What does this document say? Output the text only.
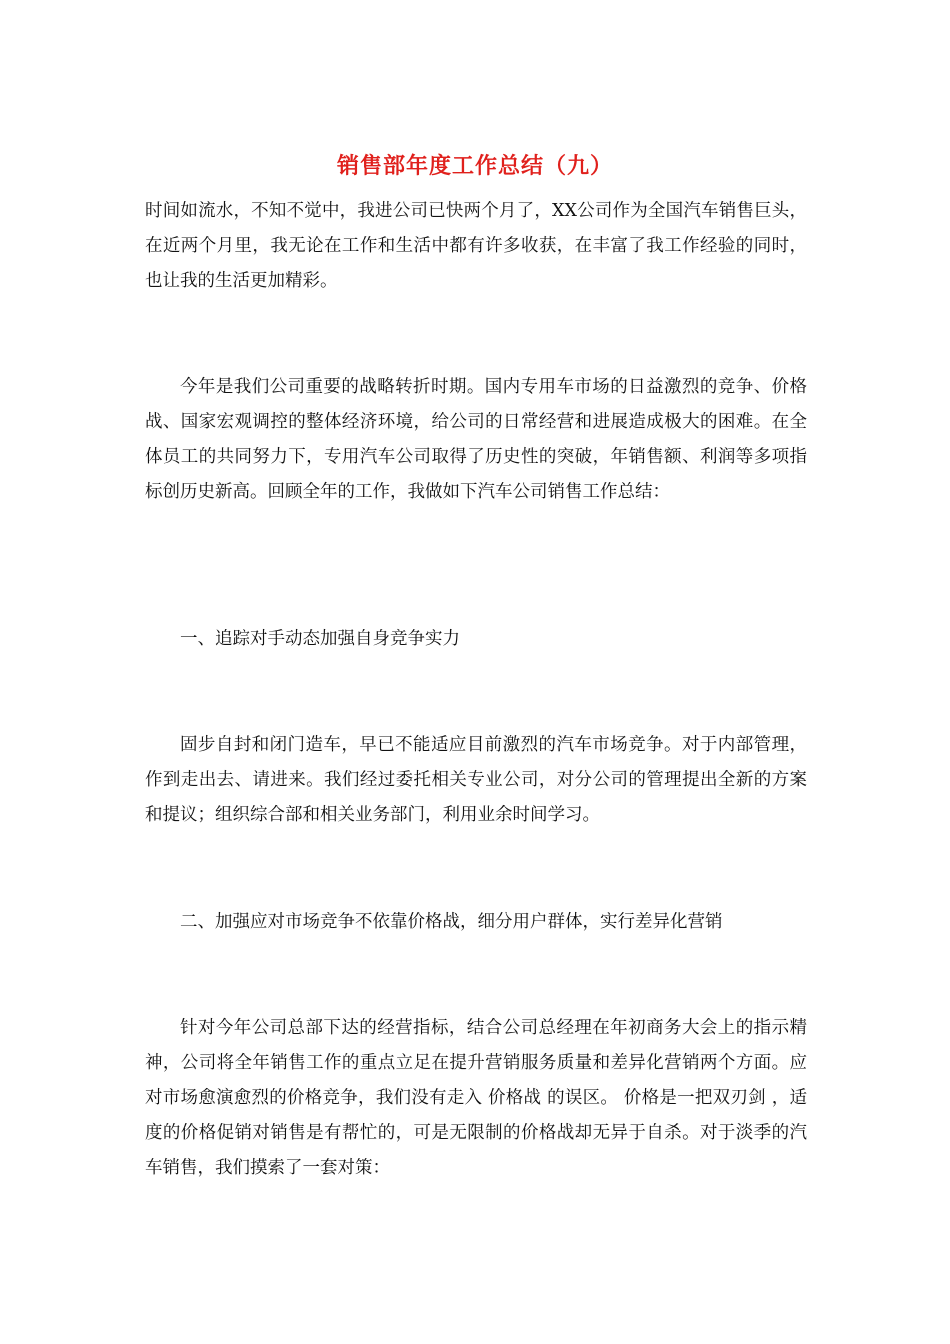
销售部年度工作总结（九）

时间如流水，不知不觉中，我进公司已快两个月了，XX公司作为全国汽车销售巨头，在近两个月里，我无论在工作和生活中都有许多收获，在丰富了我工作经验的同时，也让我的生活更加精彩。

今年是我们公司重要的战略转折时期。国内专用车市场的日益激烈的竞争、价格战、国家宏观调控的整体经济环境，给公司的日常经营和进展造成极大的困难。在全体员工的共同努力下，专用汽车公司取得了历史性的突破，年销售额、利润等多项指标创历史新高。回顾全年的工作，我做如下汽车公司销售工作总结：

一、追踪对手动态加强自身竞争实力

固步自封和闭门造车，早已不能适应目前激烈的汽车市场竞争。对于内部管理，作到走出去、请进来。我们经过委托相关专业公司，对分公司的管理提出全新的方案和提议；组织综合部和相关业务部门，利用业余时间学习。

二、加强应对市场竞争不依靠价格战，细分用户群体，实行差异化营销

针对今年公司总部下达的经营指标，结合公司总经理在年初商务大会上的指示精神，公司将全年销售工作的重点立足在提升营销服务质量和差异化营销两个方面。应对市场愈演愈烈的价格竞争，我们没有走入 价格战 的误区。 价格是一把双刃剑 ，适度的价格促销对销售是有帮忙的，可是无限制的价格战却无异于自杀。对于淡季的汽车销售，我们摸索了一套对策：
